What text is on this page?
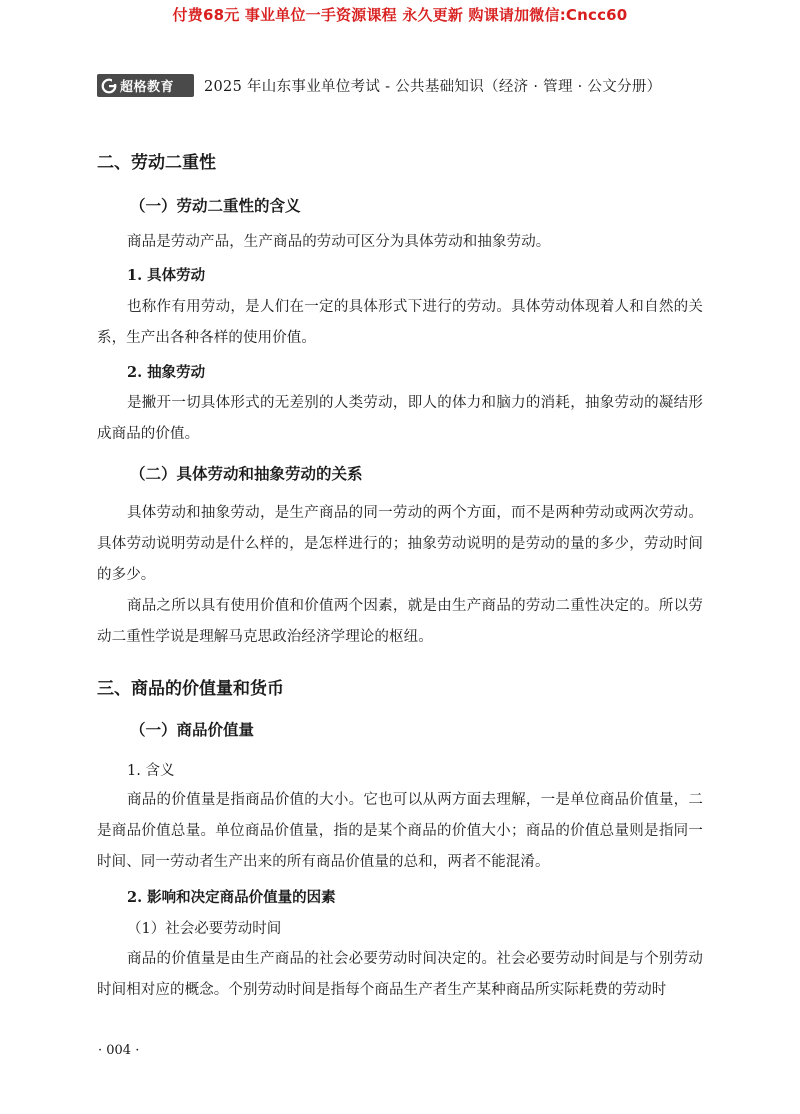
付费68元 事业单位一手资源课程 永久更新 购课请加微信:Cncc60
超格教育 2025 年山东事业单位考试 - 公共基础知识（经济 · 管理 · 公文分册）
二、劳动二重性
（一）劳动二重性的含义

商品是劳动产品，生产商品的劳动可区分为具体劳动和抽象劳动。

1. 具体劳动

也称作有用劳动，是人们在一定的具体形式下进行的劳动。具体劳动体现着人和自然的关系，生产出各种各样的使用价值。

2. 抽象劳动

是撇开一切具体形式的无差别的人类劳动，即人的体力和脑力的消耗，抽象劳动的凝结形成商品的价值。

（二）具体劳动和抽象劳动的关系

具体劳动和抽象劳动，是生产商品的同一劳动的两个方面，而不是两种劳动或两次劳动。具体劳动说明劳动是什么样的，是怎样进行的；抽象劳动说明的是劳动的量的多少，劳动时间的多少。

商品之所以具有使用价值和价值两个因素，就是由生产商品的劳动二重性决定的。所以劳动二重性学说是理解马克思政治经济学理论的枢纽。

三、商品的价值量和货币
（一）商品价值量
1. 含义

商品的价值量是指商品价值的大小。它也可以从两方面去理解，一是单位商品价值量，二是商品价值总量。单位商品价值量，指的是某个商品的价值大小；商品的价值总量则是指同一时间、同一劳动者生产出来的所有商品价值量的总和，两者不能混淆。

2. 影响和决定商品价值量的因素
（1）社会必要劳动时间

商品的价值量是由生产商品的社会必要劳动时间决定的。社会必要劳动时间是与个别劳动时间相对应的概念。个别劳动时间是指每个商品生产者生产某种商品所实际耗费的劳动时

· 004 ·
